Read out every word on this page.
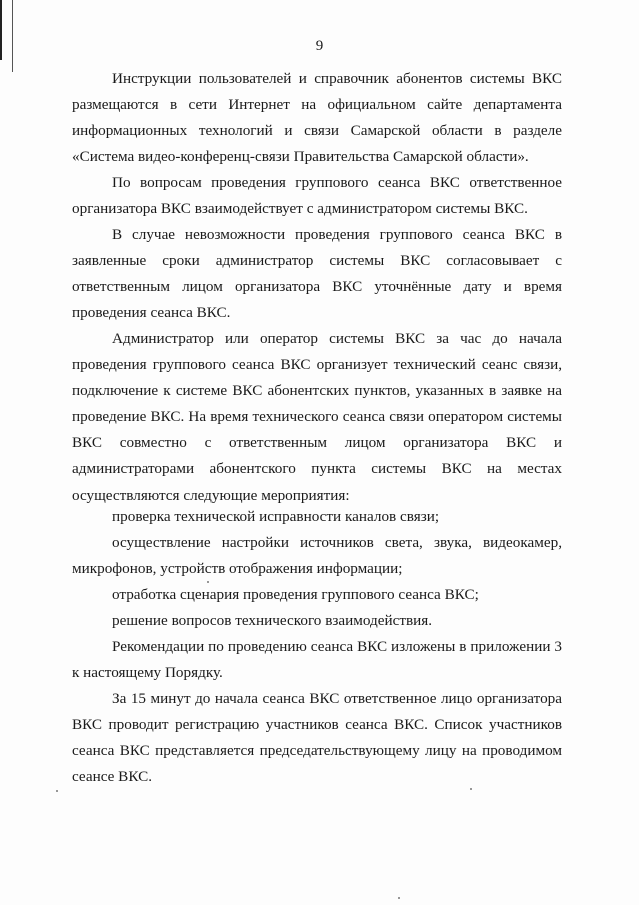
9
Инструкции пользователей и справочник абонентов системы ВКС
размещаются в сети Интернет на официальном сайте департамента
информационных технологий и связи Самарской области в разделе
«Система видео-конференц-связи Правительства Самарской области».
По вопросам проведения группового сеанса ВКС ответственное
организатора ВКС взаимодействует с администратором системы ВКС.
В случае невозможности проведения группового сеанса ВКС в
заявленные сроки администратор системы ВКС согласовывает с
ответственным лицом организатора ВКС уточнённые дату и время
проведения сеанса ВКС.
Администратор или оператор системы ВКС за час до начала
проведения группового сеанса ВКС организует технический сеанс связи,
подключение к системе ВКС абонентских пунктов, указанных в заявке на
проведение ВКС. На время технического сеанса связи оператором системы
ВКС совместно с ответственным лицом организатора ВКС и
администраторами абонентского пункта системы ВКС на местах
осуществляются следующие мероприятия:
проверка технической исправности каналов связи;
осуществление настройки источников света, звука, видеокамер,
микрофонов, устройств отображения информации;
отработка сценария проведения группового сеанса ВКС;
решение вопросов технического взаимодействия.
Рекомендации по проведению сеанса ВКС изложены в приложении 3
к настоящему Порядку.
За 15 минут до начала сеанса ВКС ответственное лицо организатора
ВКС проводит регистрацию участников сеанса ВКС. Список участников
сеанса ВКС представляется председательствующему лицу на проводимом
сеансе ВКС.
